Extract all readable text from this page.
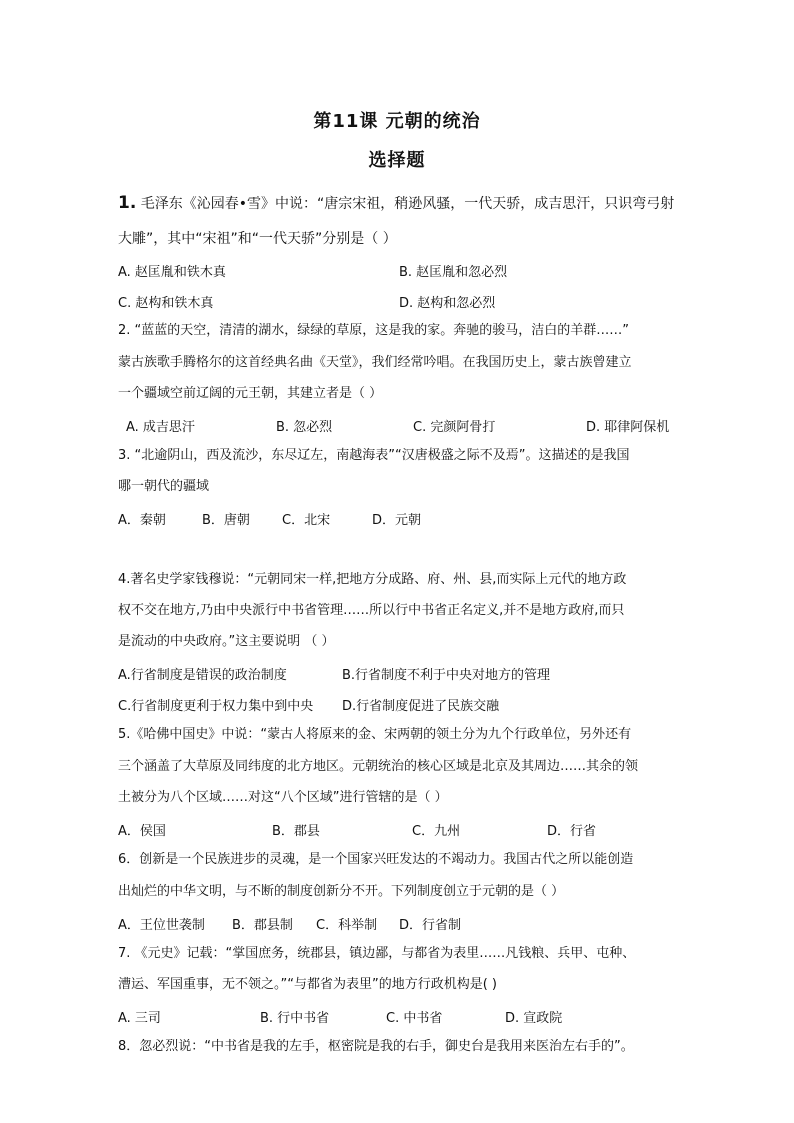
第11课 元朝的统治
选择题
1. 毛泽东《沁园春•雪》中说：“唐宗宋祖，稍逊风骚，一代天骄，成吉思汗，只识弯弓射
大雕”，其中“宋祖”和“一代天骄”分别是（ ）
A. 赵匡胤和铁木真	B. 赵匡胤和忽必烈
C. 赵构和铁木真	D. 赵构和忽必烈
2. “蓝蓝的天空，清清的湖水，绿绿的草原，这是我的家。奔驰的骏马，洁白的羊群……”
蒙古族歌手腾格尔的这首经典名曲《天堂》，我们经常吟唱。在我国历史上，蒙古族曾建立
一个疆域空前辽阔的元王朝，其建立者是（ ）
A. 成吉思汗	B. 忽必烈	C. 完颜阿骨打	D. 耶律阿保机
3. “北逾阴山，西及流沙，东尽辽左，南越海表”“汉唐极盛之际不及焉”。这描述的是我国
哪一朝代的疆域
A．秦朝	B．唐朝 C．北宋	D．元朝
4.著名史学家钱穆说：“元朝同宋一样,把地方分成路、府、州、县,而实际上元代的地方政
权不交在地方,乃由中央派行中书省管理……所以行中书省正名定义,并不是地方政府,而只
是流动的中央政府。”这主要说明 （ ）
A.行省制度是错误的政治制度	B.行省制度不利于中央对地方的管理
C.行省制度更利于权力集中到中央 D.行省制度促进了民族交融
5.《哈佛中国史》中说：“蒙古人将原来的金、宋两朝的领土分为九个行政单位，另外还有
三个涵盖了大草原及同纬度的北方地区。元朝统治的核心区域是北京及其周边……其余的领
土被分为八个区域……对这“八个区域”进行管辖的是（ ）
A．侯国	B．郡县	C．九州	D．行省
6．创新是一个民族进步的灵魂，是一个国家兴旺发达的不竭动力。我国古代之所以能创造
出灿烂的中华文明，与不断的制度创新分不开。下列制度创立于元朝的是（ ）
A．王位世袭制 B．郡县制 C．科举制 D．行省制
7. 《元史》记载：“掌国庶务，统郡县，镇边鄙，与都省为表里……凡钱粮、兵甲、屯种、
漕运、军国重事，无不领之。”“与都省为表里”的地方行政机构是( )
A. 三司	B. 行中书省	C. 中书省	D. 宣政院
8．忽必烈说：“中书省是我的左手，枢密院是我的右手，御史台是我用来医治左右手的”。
